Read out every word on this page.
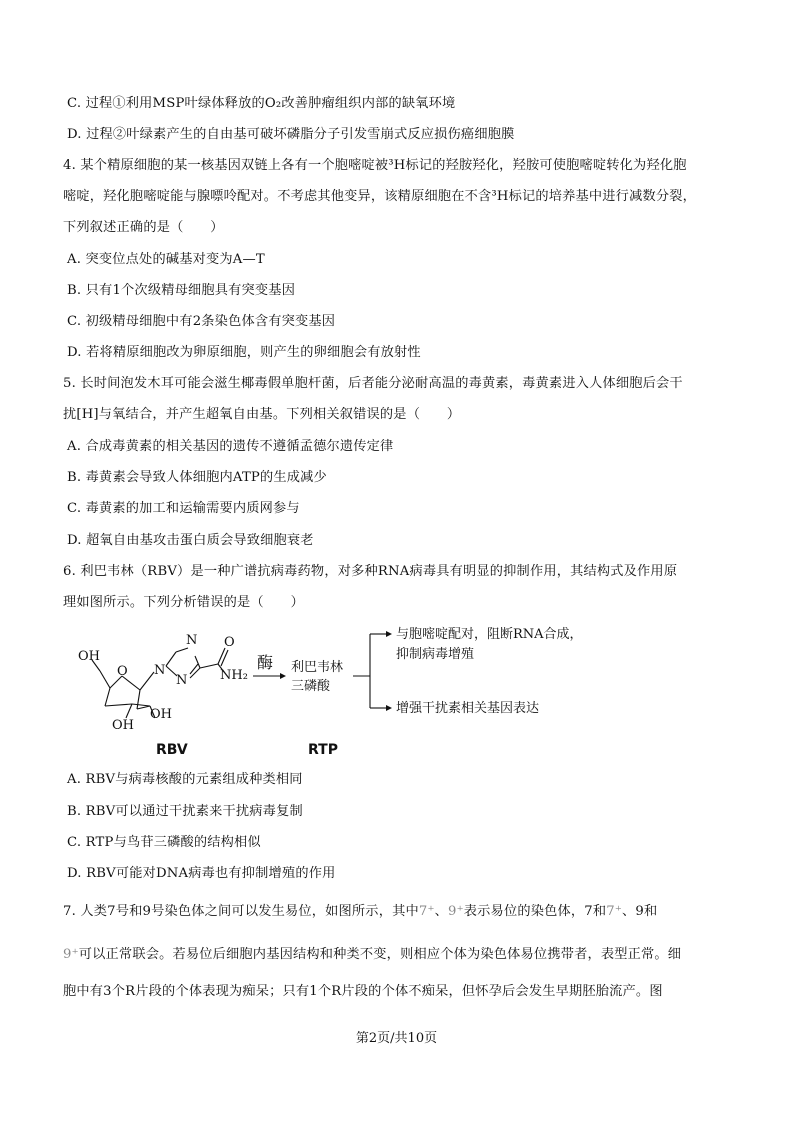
C. 过程①利用MSP叶绿体释放的O₂改善肿瘤组织内部的缺氧环境
D. 过程②叶绿素产生的自由基可破坏磷脂分子引发雪崩式反应损伤癌细胞膜
4. 某个精原细胞的某一核基因双链上各有一个胞嘧啶被³H标记的羟胺羟化，羟胺可使胞嘧啶转化为羟化胞
嘧啶，羟化胞嘧啶能与腺嘌呤配对。不考虑其他变异，该精原细胞在不含³H标记的培养基中进行减数分裂，
下列叙述正确的是（　　）
A. 突变位点处的碱基对变为A—T
B. 只有1个次级精母细胞具有突变基因
C. 初级精母细胞中有2条染色体含有突变基因
D. 若将精原细胞改为卵原细胞，则产生的卵细胞会有放射性
5. 长时间泡发木耳可能会滋生椰毒假单胞杆菌，后者能分泌耐高温的毒黄素，毒黄素进入人体细胞后会干
扰[H]与氧结合，并产生超氧自由基。下列相关叙错误的是（　　）
A. 合成毒黄素的相关基因的遗传不遵循孟德尔遗传定律
B. 毒黄素会导致人体细胞内ATP的生成减少
C. 毒黄素的加工和运输需要内质网参与
D. 超氧自由基攻击蛋白质会导致细胞衰老
6. 利巴韦林（RBV）是一种广谱抗病毒药物，对多种RNA病毒具有明显的抑制作用，其结构式及作用原
理如图所示。下列分析错误的是（　　）
OH
O
OH
OH
N
N
N
O
NH₂
酶 利巴韦林
三磷酸
与胞嘧啶配对，阻断RNA合成，
抑制病毒增殖
增强干扰素相关基因表达
RBV	RTP
A. RBV与病毒核酸的元素组成种类相同
B. RBV可以通过干扰素来干扰病毒复制
C. RTP与鸟苷三磷酸的结构相似
D. RBV可能对DNA病毒也有抑制增殖的作用
7. 人类7号和9号染色体之间可以发生易位，如图所示，其中7⁺、9⁺表示易位的染色体，7和7⁺、9和
9⁺可以正常联会。若易位后细胞内基因结构和种类不变，则相应个体为染色体易位携带者，表型正常。细
胞中有3个R片段的个体表现为痴呆；只有1个R片段的个体不痴呆，但怀孕后会发生早期胚胎流产。图
第2页/共10页
